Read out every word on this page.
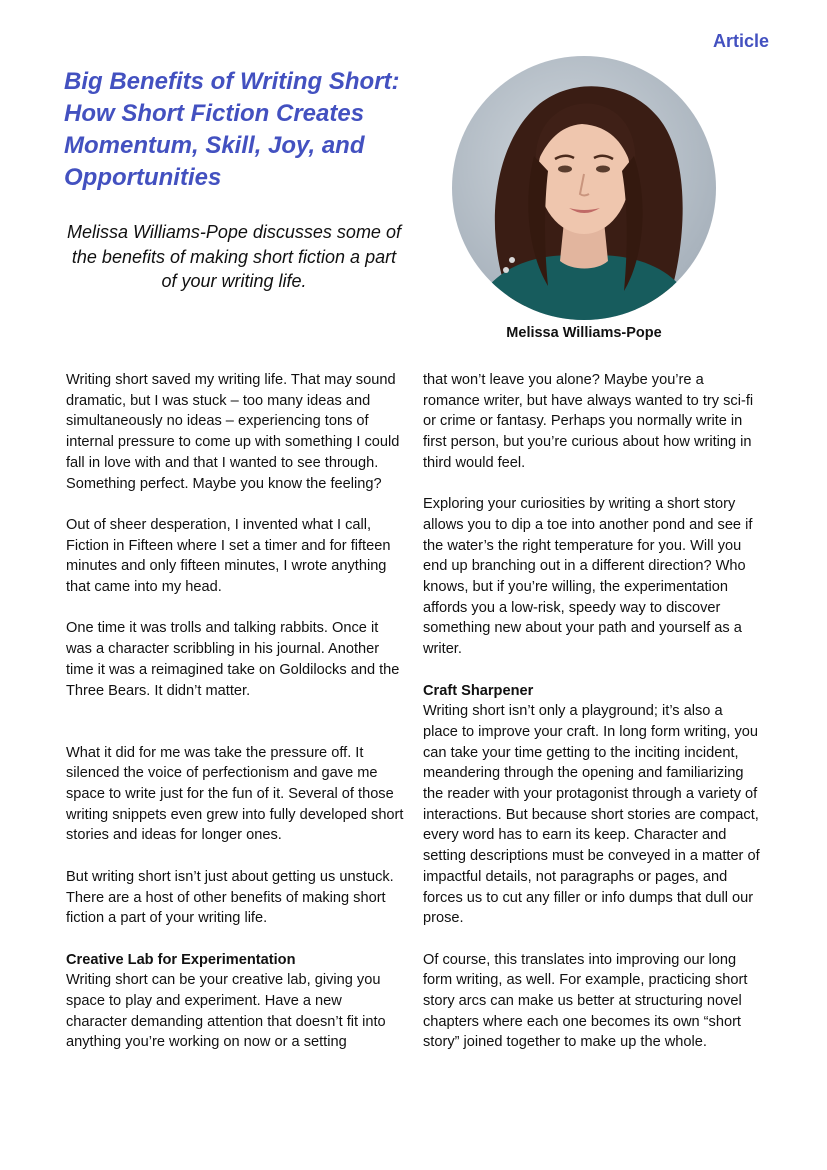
Article
Big Benefits of Writing Short: How Short Fiction Creates Momentum, Skill, Joy, and Opportunities

Melissa Williams-Pope discusses some of the benefits of making short fiction a part of your writing life.

Melissa Williams-Pope

Writing short saved my writing life. That may sound dramatic, but I was stuck – too many ideas and simultaneously no ideas – experiencing tons of internal pressure to come up with something I could fall in love with and that I wanted to see through. Something perfect. Maybe you know the feeling?

Out of sheer desperation, I invented what I call, Fiction in Fifteen where I set a timer and for fifteen minutes and only fifteen minutes, I wrote anything that came into my head.

One time it was trolls and talking rabbits. Once it was a character scribbling in his journal. Another time it was a reimagined take on Goldilocks and the Three Bears. It didn’t matter.

What it did for me was take the pressure off. It silenced the voice of perfectionism and gave me space to write just for the fun of it. Several of those writing snippets even grew into fully developed short stories and ideas for longer ones.

But writing short isn’t just about getting us unstuck. There are a host of other benefits of making short fiction a part of your writing life.

Creative Lab for Experimentation

Writing short can be your creative lab, giving you space to play and experiment. Have a new character demanding attention that doesn’t fit into anything you’re working on now or a setting

that won’t leave you alone? Maybe you’re a romance writer, but have always wanted to try sci-fi or crime or fantasy. Perhaps you normally write in first person, but you’re curious about how writing in third would feel.

Exploring your curiosities by writing a short story allows you to dip a toe into another pond and see if the water’s the right temperature for you. Will you end up branching out in a different direction? Who knows, but if you’re willing, the experimentation affords you a low-risk, speedy way to discover something new about your path and yourself as a writer.

Craft Sharpener

Writing short isn’t only a playground; it’s also a place to improve your craft. In long form writing, you can take your time getting to the inciting incident, meandering through the opening and familiarizing the reader with your protagonist through a variety of interactions. But because short stories are compact, every word has to earn its keep. Character and setting descriptions must be conveyed in a matter of impactful details, not paragraphs or pages, and forces us to cut any filler or info dumps that dull our prose.

Of course, this translates into improving our long form writing, as well. For example, practicing short story arcs can make us better at structuring novel chapters where each one becomes its own “short story” joined together to make up the whole.
